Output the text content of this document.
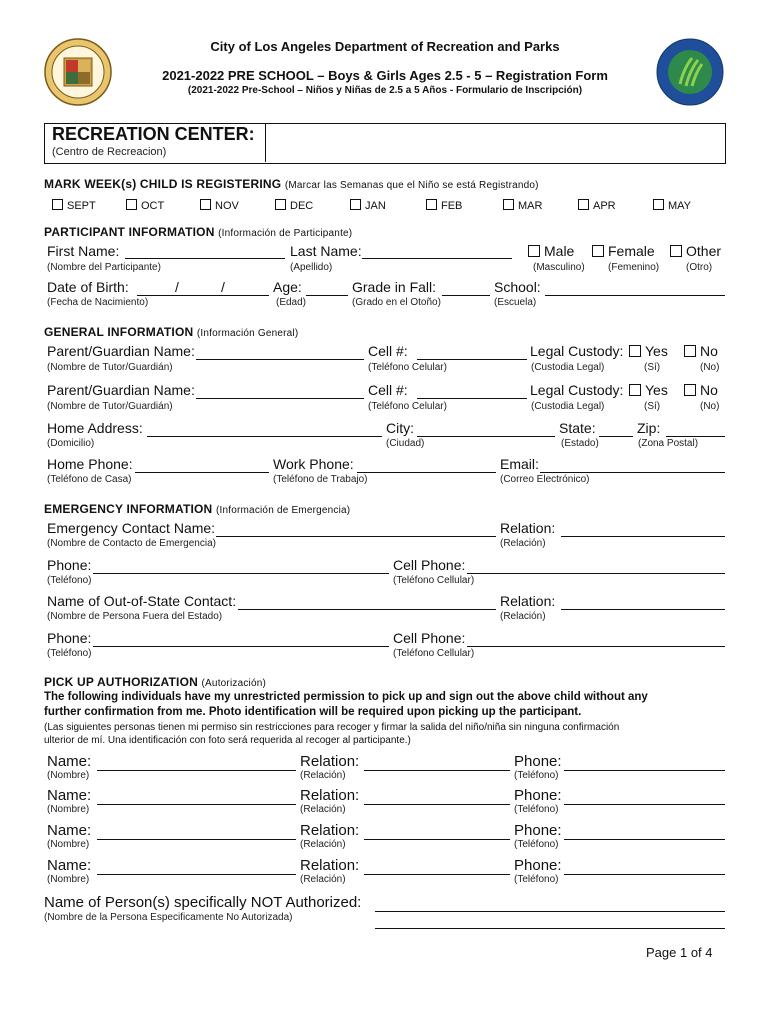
City of Los Angeles Department of Recreation and Parks
2021-2022 PRE SCHOOL – Boys & Girls Ages 2.5 - 5 – Registration Form
(2021-2022 Pre-School – Niños y Niñas de 2.5 a 5 Años - Formulario de Inscripción)
RECREATION CENTER:
(Centro de Recreacion)
MARK WEEK(s) CHILD IS REGISTERING (Marcar las Semanas que el Niño se está Registrando)
SEPT	OCT	NOV	DEC	JAN	FEB	MAR	APR	MAY
PARTICIPANT INFORMATION (Información de Participante)
First Name:
(Nombre del Participante)
Last Name:
(Apellido)
Male
(Masculino)
Female
(Femenino)
Other
(Otro)
Date of Birth:	/	/
(Fecha de Nacimiento)
Age:
(Edad)
Grade in Fall:
(Grado en el Otoño)
School:
(Escuela)
GENERAL INFORMATION (Información General)
Parent/Guardian Name:
(Nombre de Tutor/Guardián)
Cell #:
(Teléfono Celular)
Legal Custody:	Yes	No
(Custodia Legal)	(Sí)	(No)
Parent/Guardian Name:
(Nombre de Tutor/Guardián)
Cell #:
(Teléfono Celular)
Legal Custody:	Yes	No
(Custodia Legal)	(Sí)	(No)
Home Address:
(Domicilio)
City:
(Ciudad)
State:
(Estado)
Zip:
(Zona Postal)
Home Phone:
(Teléfono de Casa)
Work Phone:
(Teléfono de Trabajo)
Email:
(Correo Electrónico)
EMERGENCY INFORMATION (Información de Emergencia)
Emergency Contact Name:
(Nombre de Contacto de Emergencia)
Relation:
(Relación)
Phone:
(Teléfono)
Cell Phone:
(Teléfono Cellular)
Name of Out-of-State Contact:
(Nombre de Persona Fuera del Estado)
Relation:
(Relación)
Phone:
(Teléfono)
Cell Phone:
(Teléfono Cellular)
PICK UP AUTHORIZATION (Autorización)
The following individuals have my unrestricted permission to pick up and sign out the above child without any
further confirmation from me. Photo identification will be required upon picking up the participant.
(Las siguientes personas tienen mi permiso sin restricciones para recoger y firmar la salida del niño/niña sin ninguna confirmación
ulterior de mí. Una identificación con foto será requerida al recoger al participante.)
Name:
(Nombre)
Relation:
(Relación)
Phone:
(Teléfono)
Name:
(Nombre)
Relation:
(Relación)
Phone:
(Teléfono)
Name:
(Nombre)
Relation:
(Relación)
Phone:
(Teléfono)
Name:
(Nombre)
Relation:
(Relación)
Phone:
(Teléfono)
Name of Person(s) specifically NOT Authorized:
(Nombre de la Persona Especificamente No Autorizada)
Page 1 of 4
